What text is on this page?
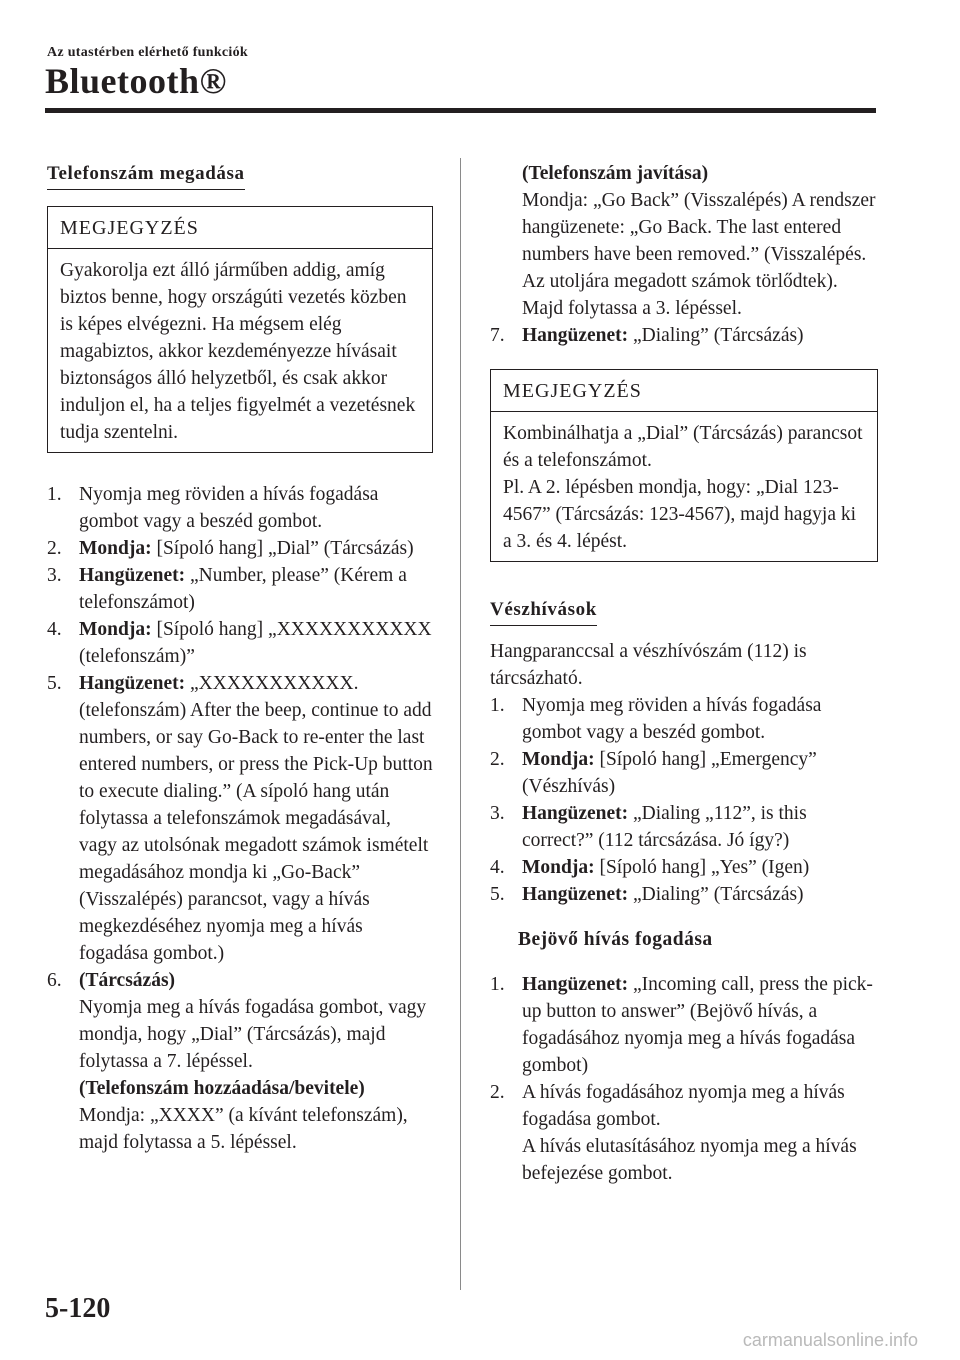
Az utastérben elérhető funkciók
Bluetooth®
Telefonszám megadása
MEGJEGYZÉS

Gyakorolja ezt álló járműben addig, amíg biztos benne, hogy országúti vezetés közben is képes elvégezni. Ha mégsem elég magabiztos, akkor kezdeményezze hívásait biztonságos álló helyzetből, és csak akkor induljon el, ha a teljes figyelmét a vezetésnek tudja szentelni.

1. Nyomja meg röviden a hívás fogadása gombot vagy a beszéd gombot.
2. Mondja: [Sípoló hang] „Dial” (Tárcsázás)
3. Hangüzenet: „Number, please” (Kérem a telefonszámot)
4. Mondja: [Sípoló hang] „XXXXXXXXXXX (telefonszám)”
5. Hangüzenet: „XXXXXXXXXXX. (telefonszám) After the beep, continue to add numbers, or say Go-Back to re-enter the last entered numbers, or press the Pick-Up button to execute dialing.” (A sípoló hang után folytassa a telefonszámok megadásával, vagy az utolsónak megadott számok ismételt megadásához mondja ki „Go-Back” (Visszalépés) parancsot, vagy a hívás megkezdéséhez nyomja meg a hívás fogadása gombot.)
6. (Tárcsázás)
Nyomja meg a hívás fogadása gombot, vagy mondja, hogy „Dial” (Tárcsázás), majd folytassa a 7. lépéssel.
(Telefonszám hozzáadása/bevitele)
Mondja: „XXXX” (a kívánt telefonszám), majd folytassa a 5. lépéssel.
(Telefonszám javítása)
Mondja: „Go Back” (Visszalépés) A rendszer hangüzenete: „Go Back. The last entered numbers have been removed.” (Visszalépés. Az utoljára megadott számok törlődtek). Majd folytassa a 3. lépéssel.
7. Hangüzenet: „Dialing” (Tárcsázás)
MEGJEGYZÉS

Kombinálhatja a „Dial” (Tárcsázás) parancsot és a telefonszámot.

Pl. A 2. lépésben mondja, hogy: „Dial 123-4567” (Tárcsázás: 123-4567), majd hagyja ki a 3. és 4. lépést.

Vészhívások

Hangparanccsal a vészhívószám (112) is tárcsázható.

1. Nyomja meg röviden a hívás fogadása gombot vagy a beszéd gombot.
2. Mondja: [Sípoló hang] „Emergency” (Vészhívás)
3. Hangüzenet: „Dialing „112”, is this correct?” (112 tárcsázása. Jó így?)
4. Mondja: [Sípoló hang] „Yes” (Igen)
5. Hangüzenet: „Dialing” (Tárcsázás)

Bejövő hívás fogadása

1. Hangüzenet: „Incoming call, press the pick-up button to answer” (Bejövő hívás, a fogadásához nyomja meg a hívás fogadása gombot)
2. A hívás fogadásához nyomja meg a hívás fogadása gombot.
A hívás elutasításához nyomja meg a hívás befejezése gombot.
5-120
carmanualsonline.info
